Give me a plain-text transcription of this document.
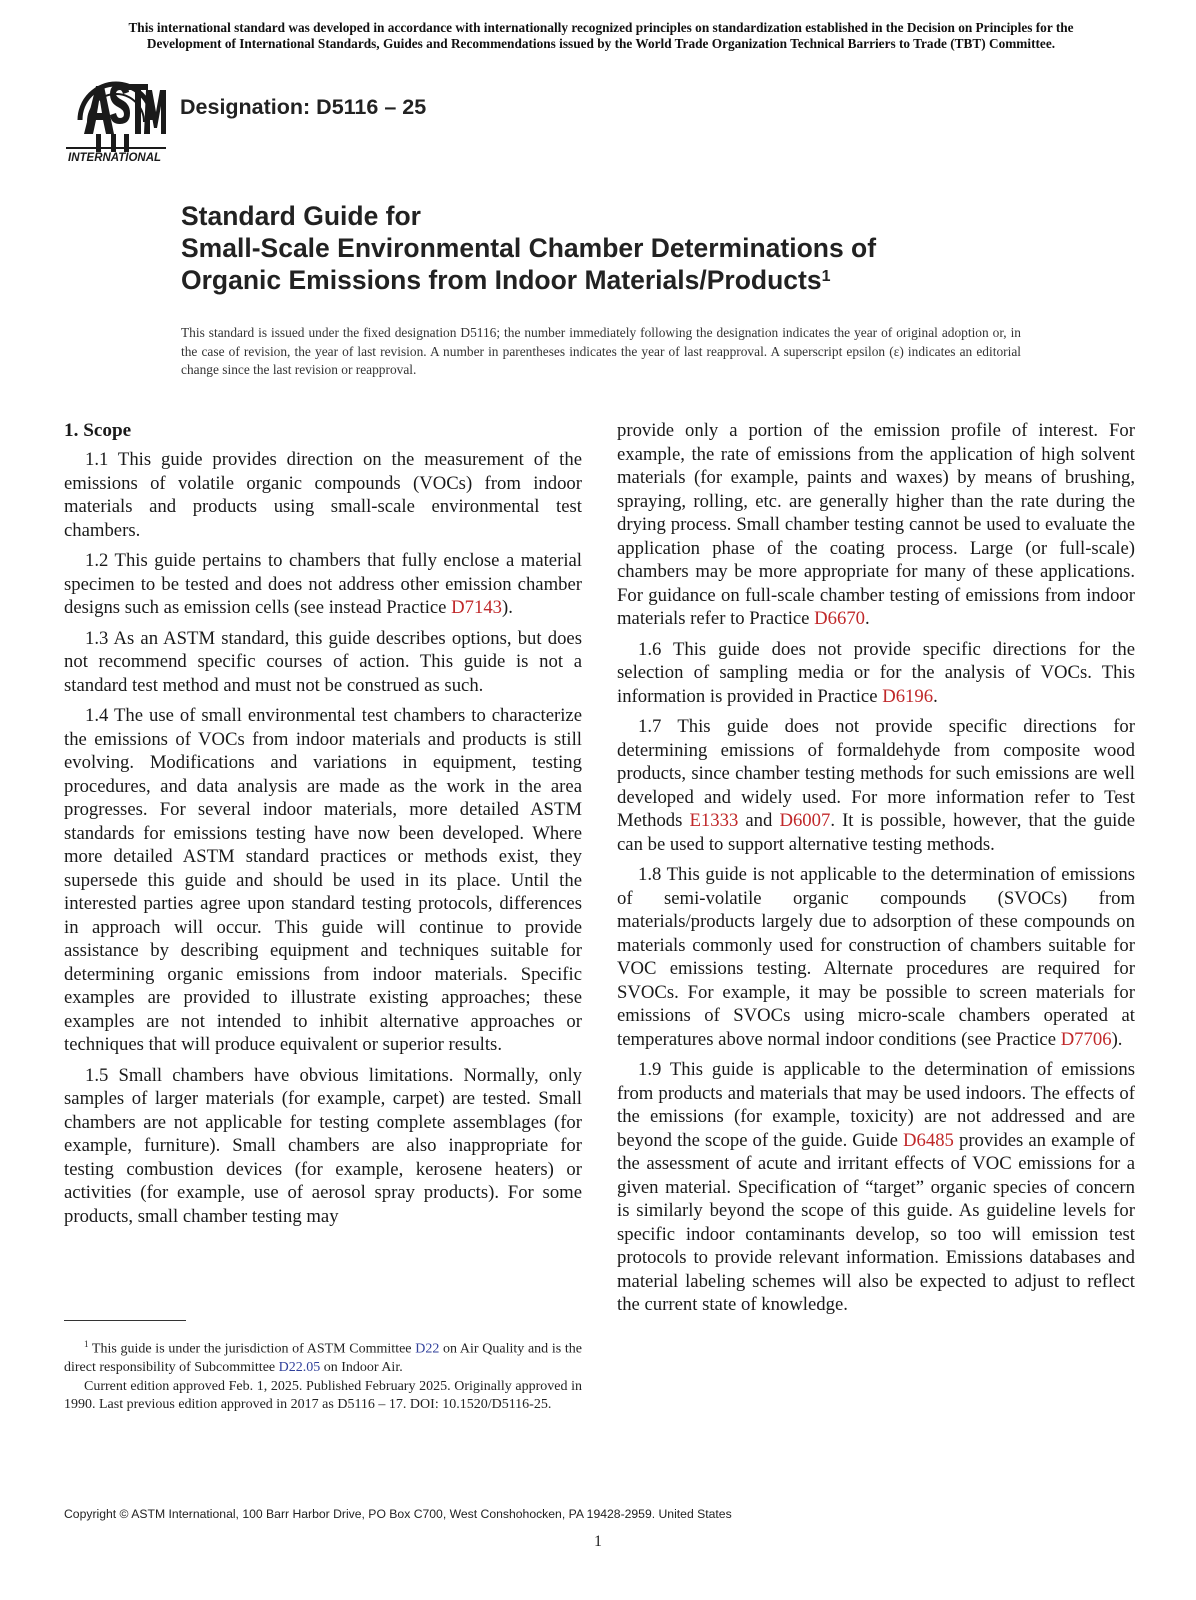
This international standard was developed in accordance with internationally recognized principles on standardization established in the Decision on Principles for the
Development of International Standards, Guides and Recommendations issued by the World Trade Organization Technical Barriers to Trade (TBT) Committee.
INTERNATIONAL
Designation: D5116 – 25
Standard Guide for
Small-Scale Environmental Chamber Determinations of
Organic Emissions from Indoor Materials/Products$^1$
This standard is issued under the fixed designation D5116; the number immediately following the designation indicates the year of original adoption or, in the case of revision, the year of last revision. A number in parentheses indicates the year of last reapproval. A superscript epsilon (ε) indicates an editorial change since the last revision or reapproval.
1. Scope

1.1 This guide provides direction on the measurement of the emissions of volatile organic compounds (VOCs) from indoor materials and products using small-scale environmental test chambers.

1.2 This guide pertains to chambers that fully enclose a material specimen to be tested and does not address other emission chamber designs such as emission cells (see instead Practice D7143).

1.3 As an ASTM standard, this guide describes options, but does not recommend specific courses of action. This guide is not a standard test method and must not be construed as such.

1.4 The use of small environmental test chambers to characterize the emissions of VOCs from indoor materials and products is still evolving. Modifications and variations in equipment, testing procedures, and data analysis are made as the work in the area progresses. For several indoor materials, more detailed ASTM standards for emissions testing have now been developed. Where more detailed ASTM standard practices or methods exist, they supersede this guide and should be used in its place. Until the interested parties agree upon standard testing protocols, differences in approach will occur. This guide will continue to provide assistance by describing equipment and techniques suitable for determining organic emissions from indoor materials. Specific examples are provided to illustrate existing approaches; these examples are not intended to inhibit alternative approaches or techniques that will produce equivalent or superior results.

1.5 Small chambers have obvious limitations. Normally, only samples of larger materials (for example, carpet) are tested. Small chambers are not applicable for testing complete assemblages (for example, furniture). Small chambers are also inappropriate for testing combustion devices (for example, kerosene heaters) or activities (for example, use of aerosol spray products). For some products, small chamber testing may

provide only a portion of the emission profile of interest. For example, the rate of emissions from the application of high solvent materials (for example, paints and waxes) by means of brushing, spraying, rolling, etc. are generally higher than the rate during the drying process. Small chamber testing cannot be used to evaluate the application phase of the coating process. Large (or full-scale) chambers may be more appropriate for many of these applications. For guidance on full-scale chamber testing of emissions from indoor materials refer to Practice D6670.

1.6 This guide does not provide specific directions for the selection of sampling media or for the analysis of VOCs. This information is provided in Practice D6196.

1.7 This guide does not provide specific directions for determining emissions of formaldehyde from composite wood products, since chamber testing methods for such emissions are well developed and widely used. For more information refer to Test Methods E1333 and D6007. It is possible, however, that the guide can be used to support alternative testing methods.

1.8 This guide is not applicable to the determination of emissions of semi-volatile organic compounds (SVOCs) from materials/products largely due to adsorption of these compounds on materials commonly used for construction of chambers suitable for VOC emissions testing. Alternate procedures are required for SVOCs. For example, it may be possible to screen materials for emissions of SVOCs using micro-scale chambers operated at temperatures above normal indoor conditions (see Practice D7706).

1.9 This guide is applicable to the determination of emissions from products and materials that may be used indoors. The effects of the emissions (for example, toxicity) are not addressed and are beyond the scope of the guide. Guide D6485 provides an example of the assessment of acute and irritant effects of VOC emissions for a given material. Specification of “target” organic species of concern is similarly beyond the scope of this guide. As guideline levels for specific indoor contaminants develop, so too will emission test protocols to provide relevant information. Emissions databases and material labeling schemes will also be expected to adjust to reflect the current state of knowledge.

$^1$ This guide is under the jurisdiction of ASTM Committee D22 on Air Quality and is the direct responsibility of Subcommittee D22.05 on Indoor Air.

Current edition approved Feb. 1, 2025. Published February 2025. Originally approved in 1990. Last previous edition approved in 2017 as D5116 – 17. DOI: 10.1520/D5116-25.

Copyright © ASTM International, 100 Barr Harbor Drive, PO Box C700, West Conshohocken, PA 19428-2959. United States
1
